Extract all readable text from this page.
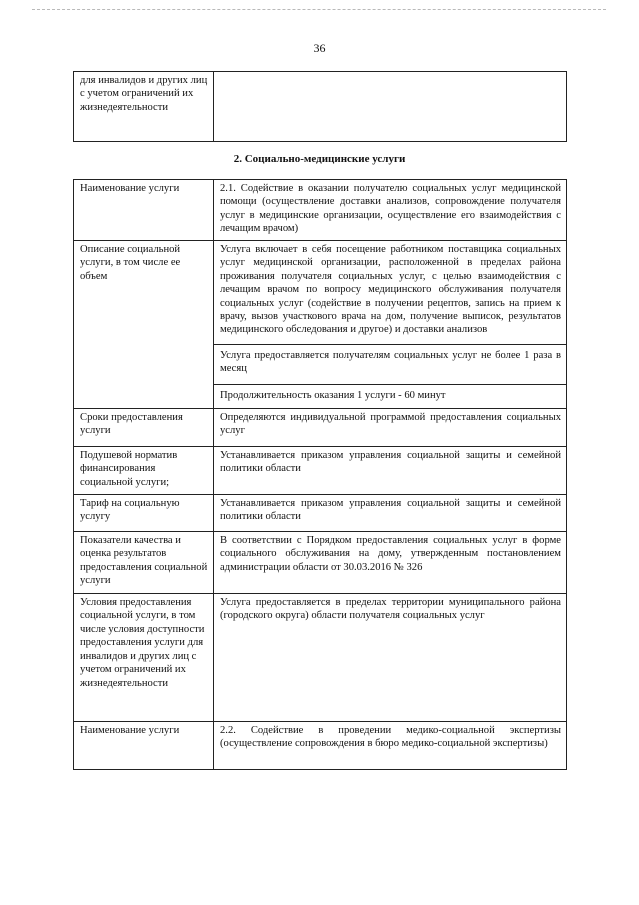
36
для инвалидов и других лиц с учетом ограничений их жизнедеятельности	
2. Социально-медицинские услуги
Наименование услуги	2.1. Содействие в оказании получателю социальных услуг медицинской помощи (осуществление доставки анализов, сопровождение получателя услуг в медицинские организации, осуществление его взаимодействия с лечащим врачом)

Описание социальной услуги, в том числе ее объем	Услуга включает в себя посещение работником поставщика социальных услуг медицинской организации, расположенной в пределах района проживания получателя социальных услуг, с целью взаимодействия с лечащим врачом по вопросу медицинского обслуживания получателя социальных услуг (содействие в получении рецептов, запись на прием к врачу, вызов участкового врача на дом, получение выписок, результатов медицинского обследования и другое) и доставки анализов
Услуга предоставляется получателям социальных услуг не более 1 раза в месяц
Продолжительность оказания 1 услуги - 60 минут

Сроки предоставления услуги	Определяются индивидуальной программой предоставления социальных услуг

Подушевой норматив финансирования социальной услуги;	Устанавливается приказом управления социальной защиты и семейной политики области

Тариф на социальную услугу	Устанавливается приказом управления социальной защиты и семейной политики области

Показатели качества и оценка результатов предоставления социальной услуги	В соответствии с Порядком предоставления социальных услуг в форме социального обслуживания на дому, утвержденным постановлением администрации области от 30.03.2016 № 326

Условия предоставления социальной услуги, в том числе условия доступности предоставления услуги для инвалидов и других лиц с учетом ограничений их жизнедеятельности	Услуга предоставляется в пределах территории муниципального района (городского округа) области получателя социальных услуг

Наименование услуги	2.2. Содействие в проведении медико-социальной экспертизы (осуществление сопровождения в бюро медико-социальной экспертизы)
